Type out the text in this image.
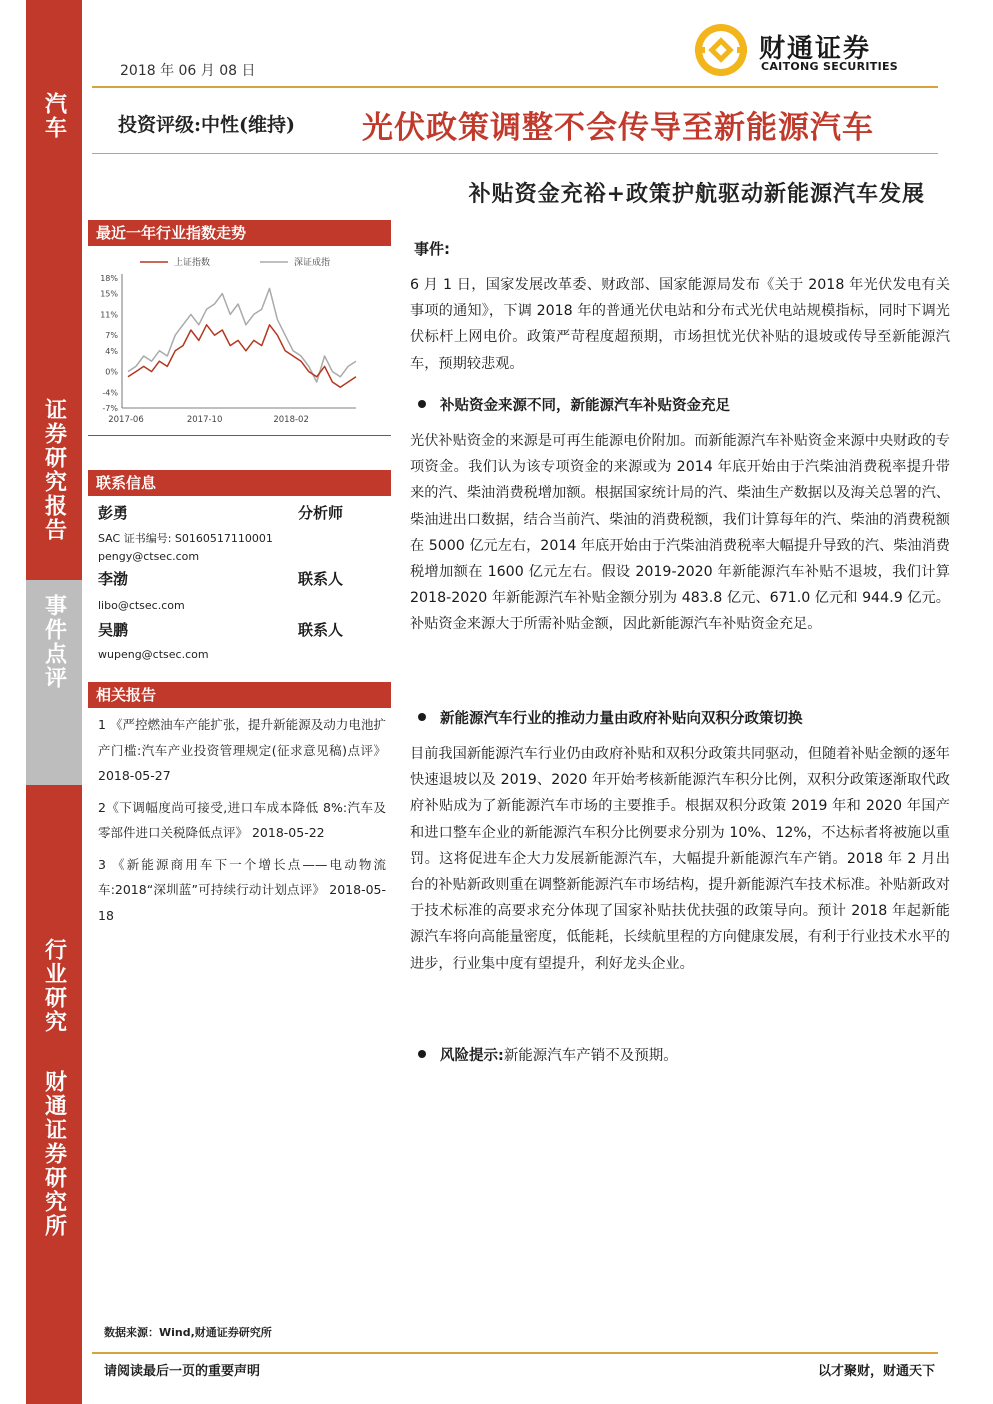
汽车
证券研究报告
事件点评
行业研究
财通证券研究所
2018 年 06 月 08 日
财通证券
CAITONG SECURITIES
投资评级:中性(维持) 光伏政策调整不会传导至新能源汽车
补贴资金充裕+政策护航驱动新能源汽车发展
最近一年行业指数走势
上证指数	深证成指
18%
15%
11%
7%
4%
0%
-4%
-7%
2017-06	2017-10	2018-02
联系信息
彭勇	分析师
SAC 证书编号: S0160517110001
pengy@ctsec.com
李渤	联系人
libo@ctsec.com
吴鹏	联系人
wupeng@ctsec.com
相关报告

1 《严控燃油车产能扩张，提升新能源及动力电池扩产门槛:汽车产业投资管理规定(征求意见稿)点评》 2018-05-27

2《下调幅度尚可接受,进口车成本降低 8%:汽车及零部件进口关税降低点评》 2018-05-22

3 《新能源商用车下一个增长点——电动物流车:2018“深圳蓝”可持续行动计划点评》 2018-05-18

事件:
6 月 1 日，国家发展改革委、财政部、国家能源局发布《关于 2018 年光伏发电有关事项的通知》，下调 2018 年的普通光伏电站和分布式光伏电站规模指标，同时下调光伏标杆上网电价。政策严苛程度超预期，市场担忧光伏补贴的退坡或传导至新能源汽车，预期较悲观。
补贴资金来源不同，新能源汽车补贴资金充足
光伏补贴资金的来源是可再生能源电价附加。而新能源汽车补贴资金来源中央财政的专项资金。我们认为该专项资金的来源或为 2014 年底开始由于汽柴油消费税率提升带来的汽、柴油消费税增加额。根据国家统计局的汽、柴油生产数据以及海关总署的汽、柴油进出口数据，结合当前汽、柴油的消费税额，我们计算每年的汽、柴油的消费税额在 5000 亿元左右，2014 年底开始由于汽柴油消费税率大幅提升导致的汽、柴油消费税增加额在 1600 亿元左右。假设 2019-2020 年新能源汽车补贴不退坡，我们计算 2018-2020 年新能源汽车补贴金额分别为 483.8 亿元、671.0 亿元和 944.9 亿元。补贴资金来源大于所需补贴金额，因此新能源汽车补贴资金充足。
新能源汽车行业的推动力量由政府补贴向双积分政策切换
目前我国新能源汽车行业仍由政府补贴和双积分政策共同驱动，但随着补贴金额的逐年快速退坡以及 2019、2020 年开始考核新能源汽车积分比例，双积分政策逐渐取代政府补贴成为了新能源汽车市场的主要推手。根据双积分政策 2019 年和 2020 年国产和进口整车企业的新能源汽车积分比例要求分别为 10%、12%，不达标者将被施以重罚。这将促进车企大力发展新能源汽车，大幅提升新能源汽车产销。2018 年 2 月出台的补贴新政则重在调整新能源汽车市场结构，提升新能源汽车技术标准。补贴新政对于技术标准的高要求充分体现了国家补贴扶优扶强的政策导向。预计 2018 年起新能源汽车将向高能量密度，低能耗，长续航里程的方向健康发展，有利于行业技术水平的进步，行业集中度有望提升，利好龙头企业。
风险提示:新能源汽车产销不及预期。
数据来源：Wind,财通证券研究所
请阅读最后一页的重要声明	以才聚财，财通天下
